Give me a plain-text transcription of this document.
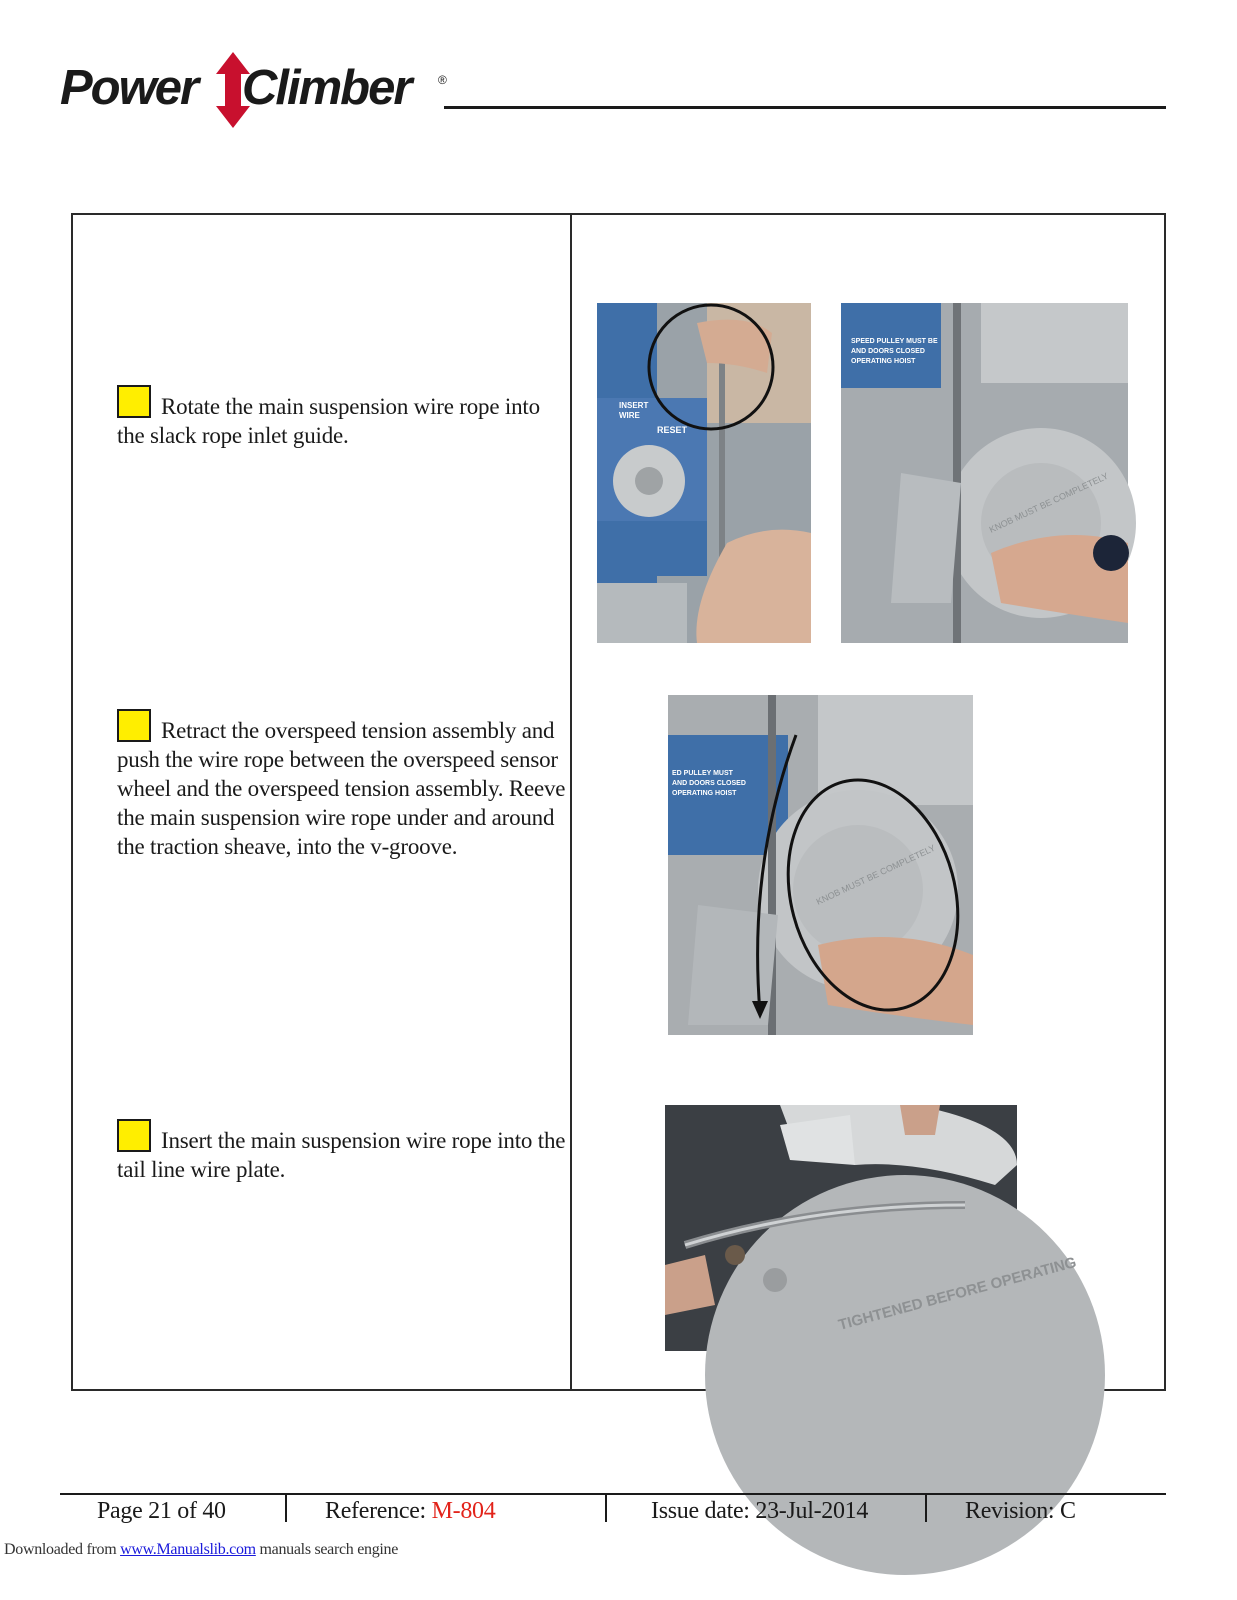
Power Climber	®
Rotate the main suspension wire rope into the slack rope inlet guide.
Retract the overspeed tension assembly and push the wire rope between the overspeed sensor wheel and the overspeed tension assembly. Reeve the main suspension wire rope under and around the traction sheave, into the v-groove.
Insert the main suspension wire rope into the tail line wire plate.
INSERT
WIRE
RESET
SPEED PULLEY MUST BE
AND DOORS CLOSED
OPERATING HOIST
KNOB MUST BE COMPLETELY
ED PULLEY MUST
AND DOORS CLOSED
OPERATING HOIST
KNOB MUST BE COMPLETELY
TIGHTENED BEFORE OPERATING
Page 21 of 40	Reference: M-804	Issue date: 23-Jul-2014	Revision: C
Downloaded from www.Manualslib.com manuals search engine
